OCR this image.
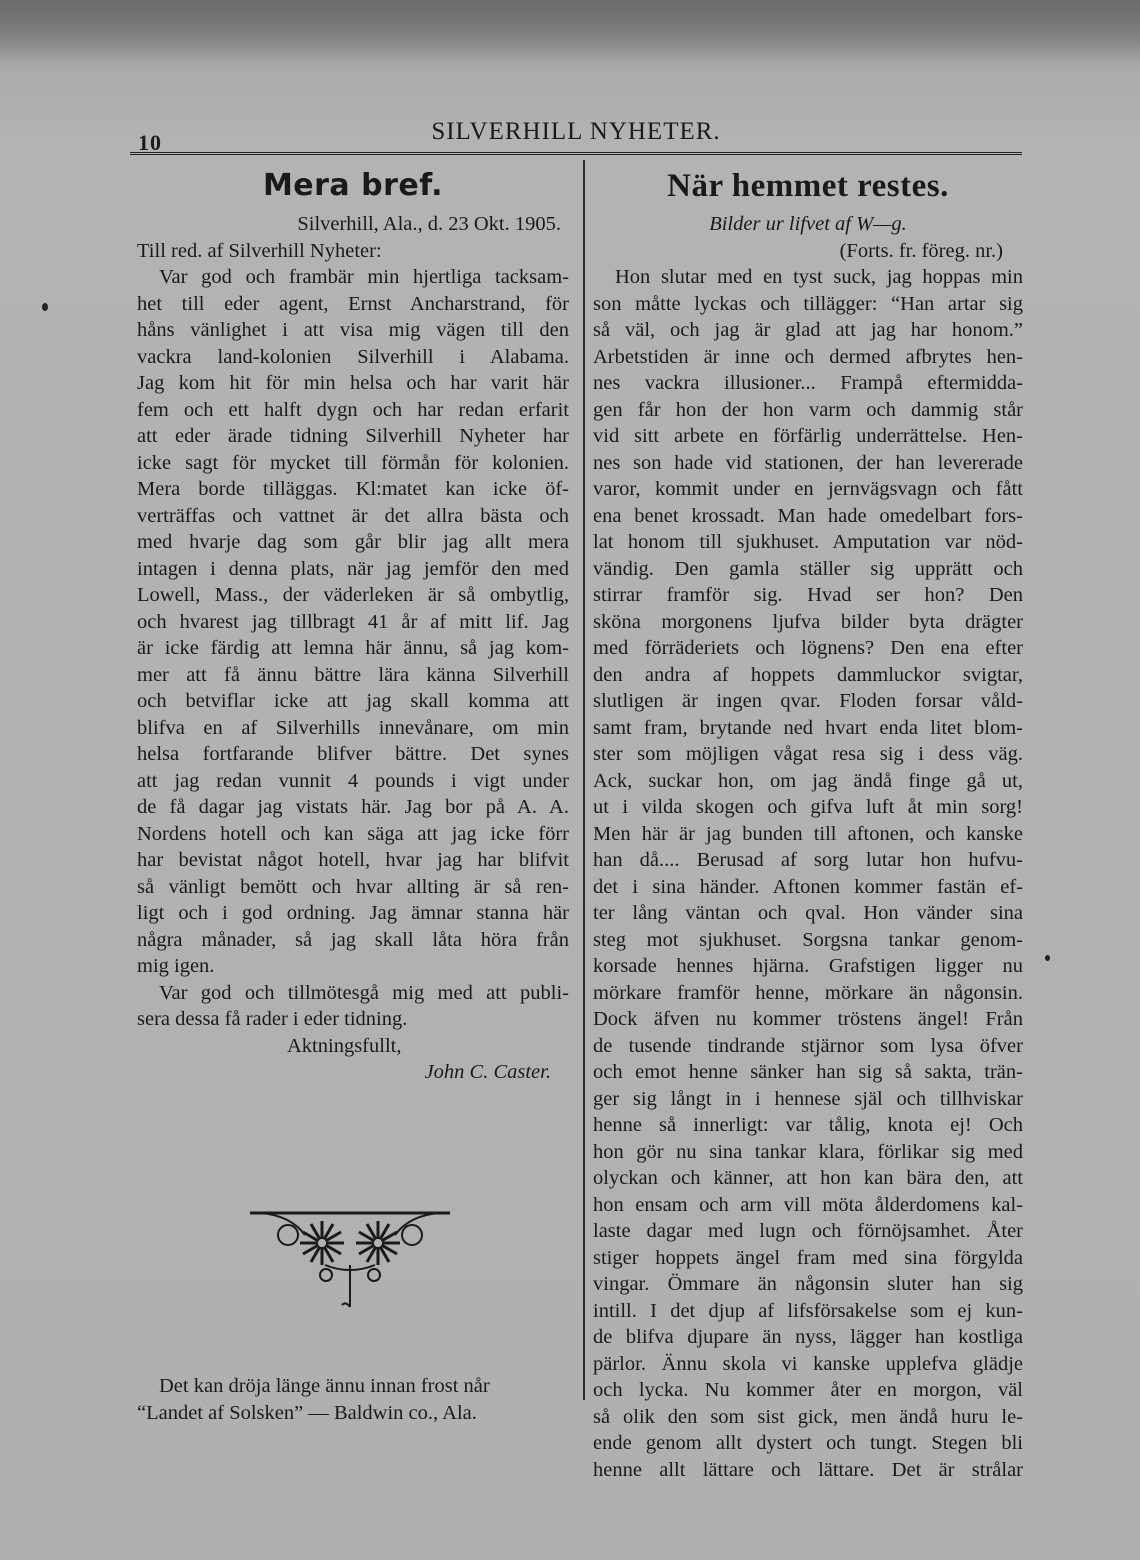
10	SILVERHILL NYHETER.
Mera bref.
Silverhill, Ala., d. 23 Okt. 1905.
Till red. af Silverhill Nyheter:
Var god och frambär min hjertliga tacksam-
het till eder agent, Ernst Ancharstrand, för
håns vänlighet i att visa mig vägen till den
vackra land-kolonien Silverhill i Alabama.
Jag kom hit för min helsa och har varit här
fem och ett halft dygn och har redan erfarit
att eder ärade tidning Silverhill Nyheter har
icke sagt för mycket till förmån för kolonien.
Mera borde tilläggas. Kl:matet kan icke öf-
verträffas och vattnet är det allra bästa och
med hvarje dag som går blir jag allt mera
intagen i denna plats, när jag jemför den med
Lowell, Mass., der väderleken är så ombytlig,
och hvarest jag tillbragt 41 år af mitt lif. Jag
är icke färdig att lemna här ännu, så jag kom-
mer att få ännu bättre lära känna Silverhill
och betviflar icke att jag skall komma att
blifva en af Silverhills innevånare, om min
helsa fortfarande blifver bättre. Det synes
att jag redan vunnit 4 pounds i vigt under
de få dagar jag vistats här. Jag bor på A. A.
Nordens hotell och kan säga att jag icke förr
har bevistat något hotell, hvar jag har blifvit
så vänligt bemött och hvar allting är så ren-
ligt och i god ordning. Jag ämnar stanna här
några månader, så jag skall låta höra från
mig igen.
Var god och tillmötesgå mig med att publi-
sera dessa få rader i eder tidning.
Aktningsfullt,
John C. Caster.
Det kan dröja länge ännu innan frost når
“Landet af Solsken” — Baldwin co., Ala.
När hemmet restes.
Bilder ur lifvet af W—g.
(Forts. fr. föreg. nr.)
Hon slutar med en tyst suck, jag hoppas min
son måtte lyckas och tillägger: “Han artar sig
så väl, och jag är glad att jag har honom.”
Arbetstiden är inne och dermed afbrytes hen-
nes vackra illusioner... Frampå eftermidda-
gen får hon der hon varm och dammig står
vid sitt arbete en förfärlig underrättelse. Hen-
nes son hade vid stationen, der han levererade
varor, kommit under en jernvägsvagn och fått
ena benet krossadt. Man hade omedelbart fors-
lat honom till sjukhuset. Amputation var nöd-
vändig. Den gamla ställer sig upprätt och
stirrar framför sig. Hvad ser hon? Den
sköna morgonens ljufva bilder byta drägter
med förräderiets och lögnens? Den ena efter
den andra af hoppets dammluckor svigtar,
slutligen är ingen qvar. Floden forsar våld-
samt fram, brytande ned hvart enda litet blom-
ster som möjligen vågat resa sig i dess väg.
Ack, suckar hon, om jag ändå finge gå ut,
ut i vilda skogen och gifva luft åt min sorg!
Men här är jag bunden till aftonen, och kanske
han då.... Berusad af sorg lutar hon hufvu-
det i sina händer. Aftonen kommer fastän ef-
ter lång väntan och qval. Hon vänder sina
steg mot sjukhuset. Sorgsna tankar genom-
korsade hennes hjärna. Grafstigen ligger nu
mörkare framför henne, mörkare än någonsin.
Dock äfven nu kommer tröstens ängel! Från
de tusende tindrande stjärnor som lysa öfver
och emot henne sänker han sig så sakta, trän-
ger sig långt in i hennese själ och tillhviskar
henne så innerligt: var tålig, knota ej! Och
hon gör nu sina tankar klara, förlikar sig med
olyckan och känner, att hon kan bära den, att
hon ensam och arm vill möta ålderdomens kal-
laste dagar med lugn och förnöjsamhet. Åter
stiger hoppets ängel fram med sina förgylda
vingar. Ömmare än någonsin sluter han sig
intill. I det djup af lifsförsakelse som ej kun-
de blifva djupare än nyss, lägger han kostliga
pärlor. Ännu skola vi kanske upplefva glädje
och lycka. Nu kommer åter en morgon, väl
så olik den som sist gick, men ändå huru le-
ende genom allt dystert och tungt. Stegen bli
henne allt lättare och lättare. Det är strålar
